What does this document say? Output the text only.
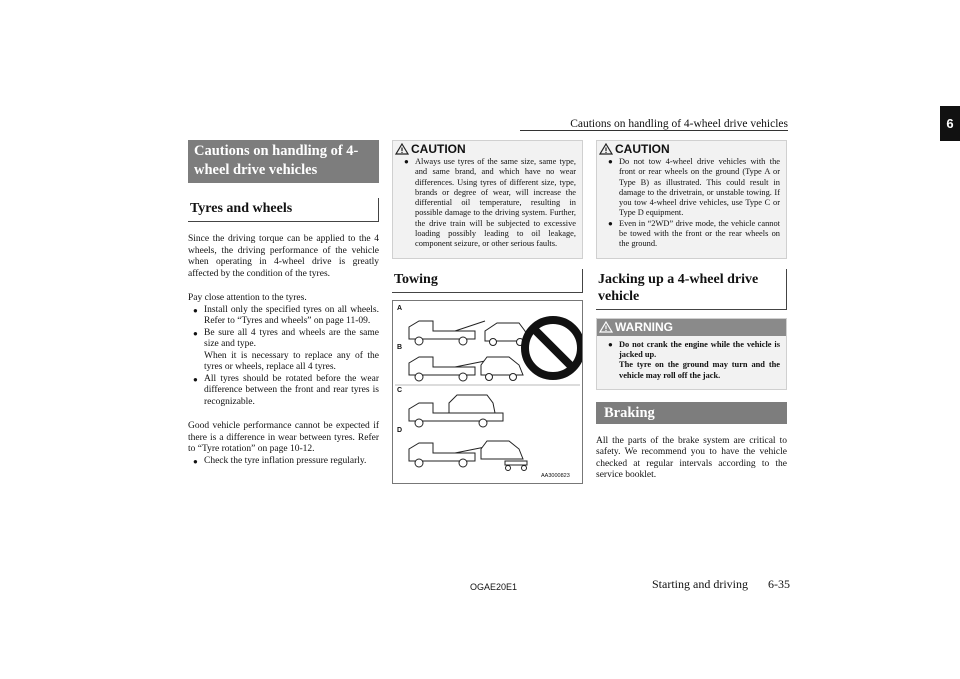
Cautions on handling of 4-wheel drive vehicles	6
Cautions on handling of 4-wheel drive vehicles
Tyres and wheels

Since the driving torque can be applied to the 4 wheels, the driving performance of the vehicle when operating in 4-wheel drive is greatly affected by the condition of the tyres.

Pay close attention to the tyres.

● Install only the specified tyres on all wheels. Refer to “Tyres and wheels” on page 11-09.
● Be sure all 4 tyres and wheels are the same size and type.
When it is necessary to replace any of the tyres or wheels, replace all 4 tyres.
● All tyres should be rotated before the wear difference between the front and rear tyres is recognizable.

Good vehicle performance cannot be expected if there is a difference in wear between tyres. Refer to “Tyre rotation” on page 10-12.

● Check the tyre inflation pressure regularly.
CAUTION
● Always use tyres of the same size, same type, and same brand, and which have no wear differences. Using tyres of different size, type, brands or degree of wear, will increase the differential oil temperature, resulting in possible damage to the driving system. Further, the drive train will be subjected to excessive loading possibly leading to oil leakage, component seizure, or other serious faults.
Towing
A
B
C
D
AA3000823
CAUTION
● Do not tow 4-wheel drive vehicles with the front or rear wheels on the ground (Type A or Type B) as illustrated. This could result in damage to the drivetrain, or unstable towing. If you tow 4-wheel drive vehicles, use Type C or Type D equipment.
● Even in “2WD” drive mode, the vehicle cannot be towed with the front or the rear wheels on the ground.
Jacking up a 4-wheel drive vehicle
WARNING
● Do not crank the engine while the vehicle is jacked up.
The tyre on the ground may turn and the vehicle may roll off the jack.
Braking

All the parts of the brake system are critical to safety. We recommend you to have the vehicle checked at regular intervals according to the service booklet.

OGAE20E1	Starting and driving 6-35
